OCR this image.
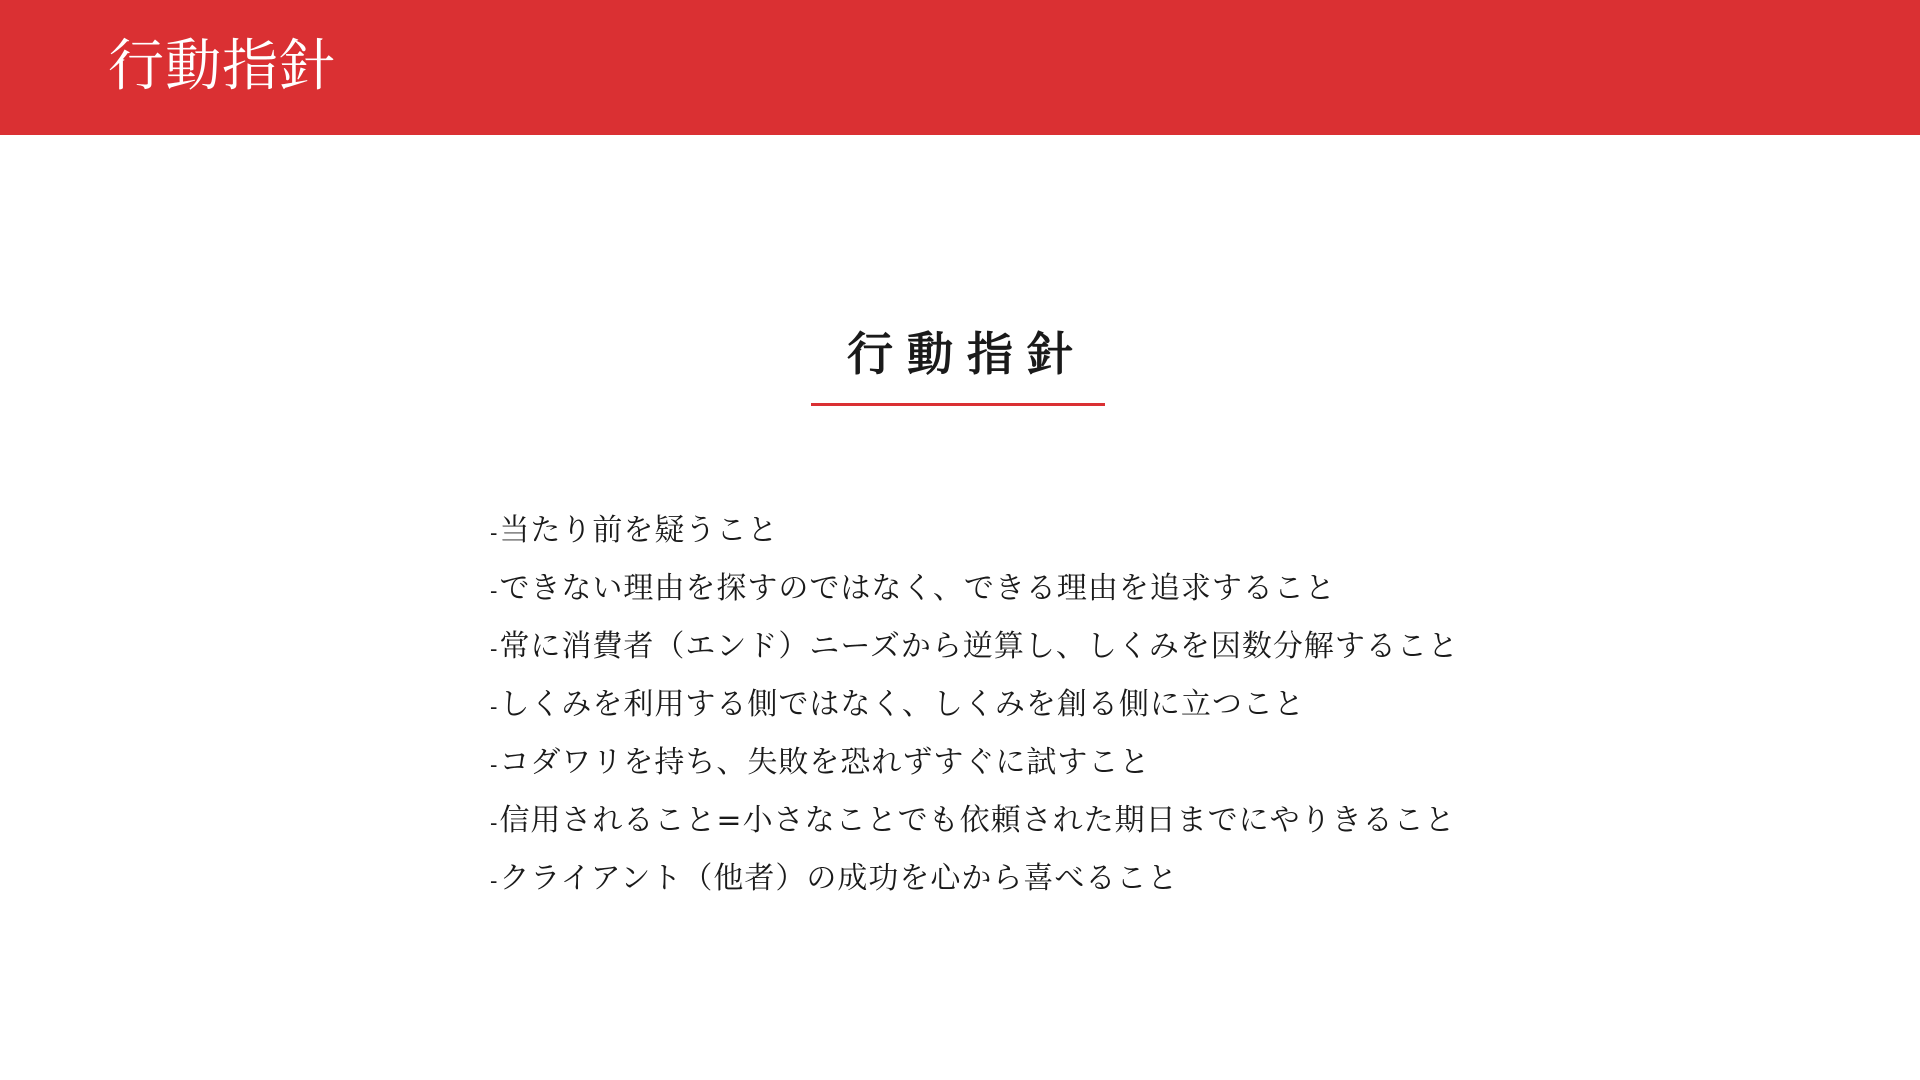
行動指針
行動指針
- 当たり前を疑うこと
- できない理由を探すのではなく、できる理由を追求すること
- 常に消費者（エンド）ニーズから逆算し、しくみを因数分解すること
- しくみを利用する側ではなく、しくみを創る側に立つこと
- コダワリを持ち、失敗を恐れずすぐに試すこと
- 信用されること=小さなことでも依頼された期日までにやりきること
- クライアント（他者）の成功を心から喜べること
